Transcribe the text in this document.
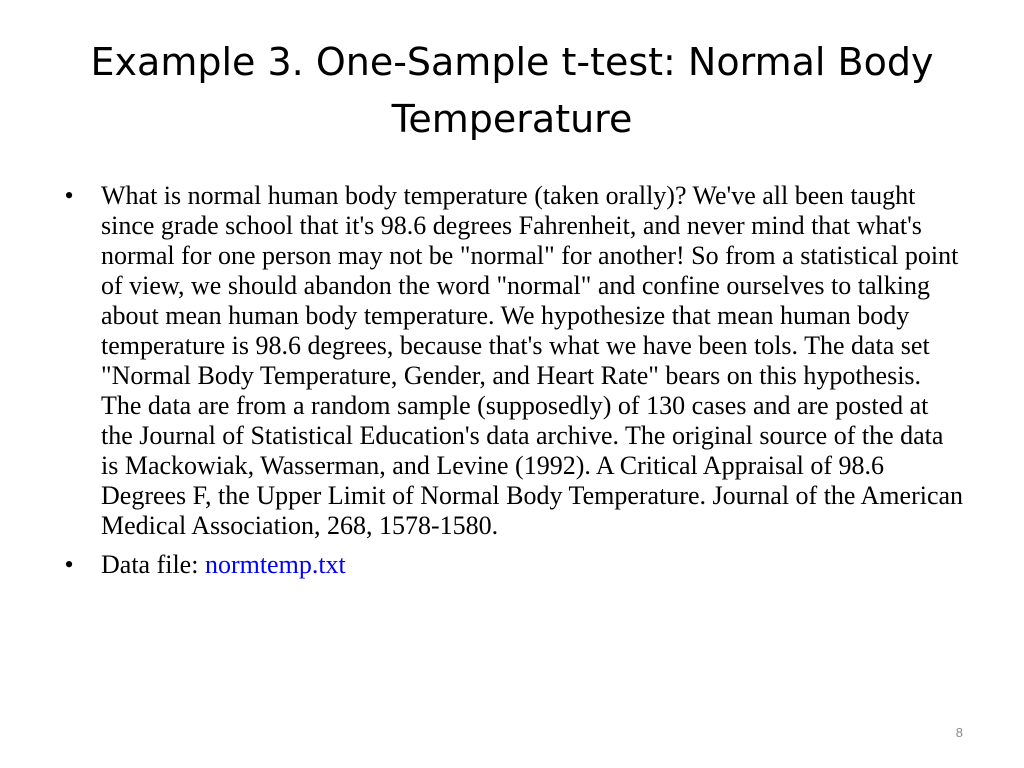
Example 3. One-Sample t-test: Normal Body Temperature

• What is normal human body temperature (taken orally)? We've all been taught since grade school that it's 98.6 degrees Fahrenheit, and never mind that what's normal for one person may not be "normal" for another! So from a statistical point of view, we should abandon the word "normal" and confine ourselves to talking about mean human body temperature. We hypothesize that mean human body temperature is 98.6 degrees, because that's what we have been tols. The data set "Normal Body Temperature, Gender, and Heart Rate" bears on this hypothesis. The data are from a random sample (supposedly) of 130 cases and are posted at the Journal of Statistical Education's data archive. The original source of the data is Mackowiak, Wasserman, and Levine (1992). A Critical Appraisal of 98.6 Degrees F, the Upper Limit of Normal Body Temperature. Journal of the American Medical Association, 268, 1578-1580.

• Data file: normtemp.txt

8
